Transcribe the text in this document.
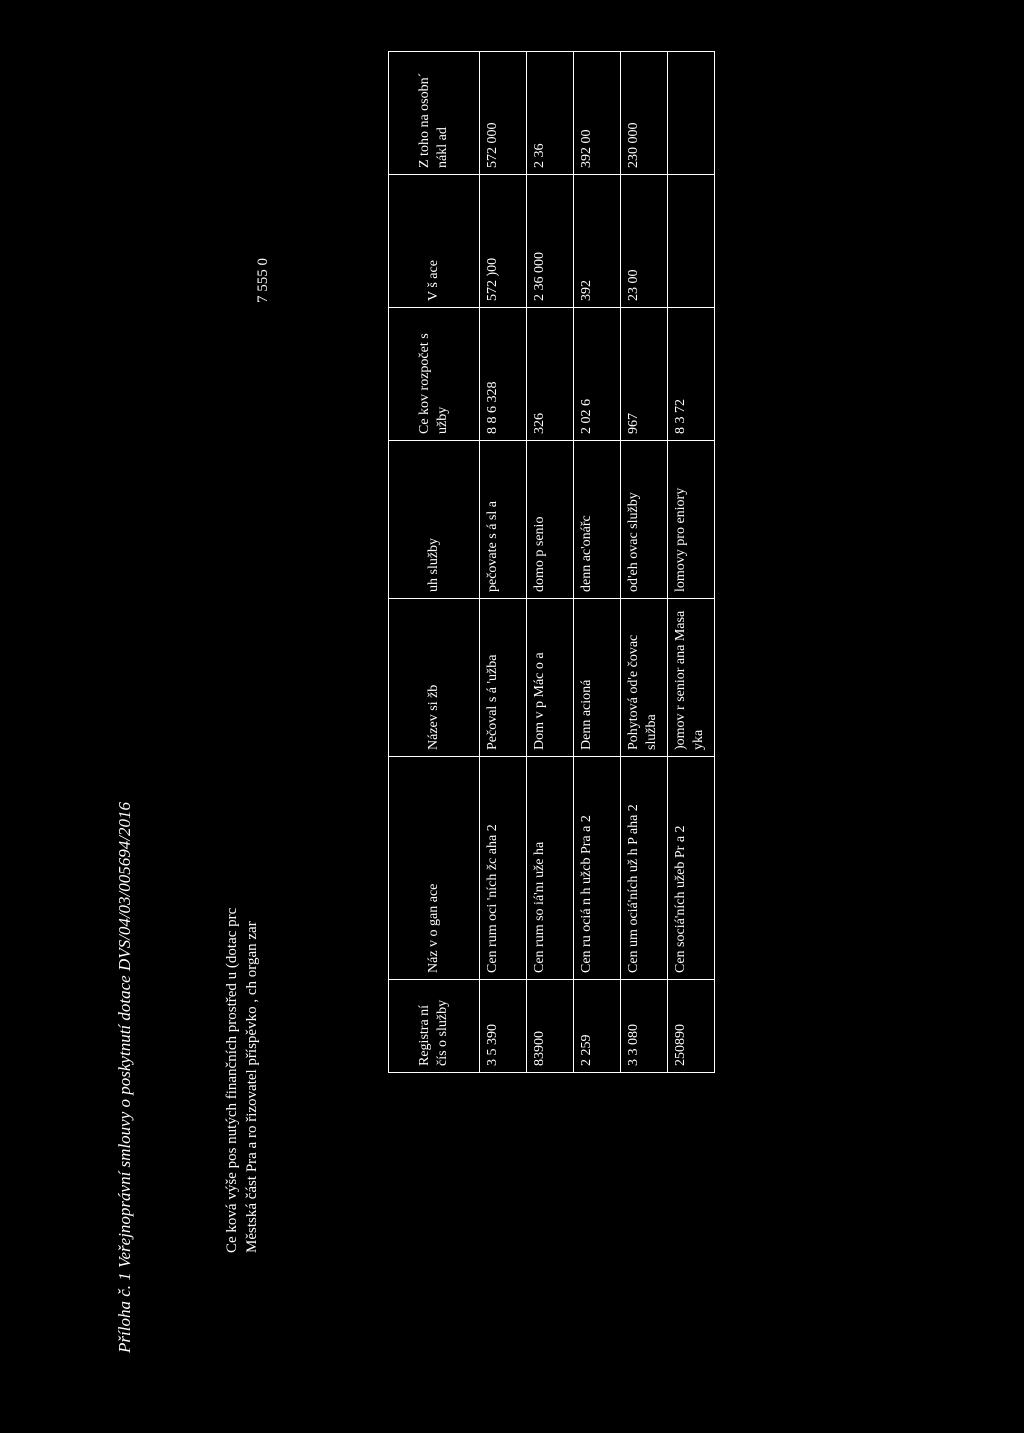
Příloha č. 1 Veřejnoprávní smlouvy o poskytnutí dotace DVS/04/03/005694/2016	Ce ková výše pos nutých finančních prostřed u (dotac prc Městská část Pra a ro řizovatel příspěvko , ch organ zar
7 555 0
Registra ní čís o služby	Náz v o gan ace	Název si žb	uh služby	Ce kov rozpočet s užby	V š ace	Z toho na osobn´ nákl ad
3 5 390	Cen rum oci 'ních žc aha 2	Pečoval s á 'užba	pečovate s á sl a	8 8 6 328	572 )00	572 000
83900	Cen rum so iá'nı uže ha	Dom v p Mác o a	domo p senio	326	2 36 000	2 36
2 259	Cen ru ociá n h užcb Pra a 2	Denn acioná	denn ac'onářc	2 02 6	392	392 00
3 3 080	Cen um ociá'ních už h P aha 2	Pohytová od'e čovac služba	od'eh ovac služby	967	23 00	230 000
250890	Cen sociá'ních užeb Pr a 2	)omov r senior ana Masa yka	lomovy pro eniory	8 3 72		
